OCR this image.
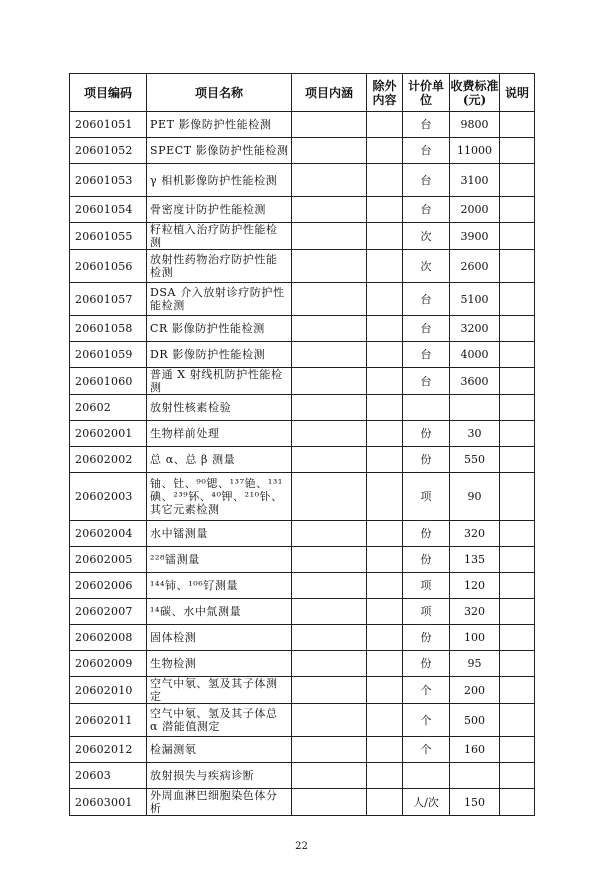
项目编码	项目名称	项目内涵	除外内容	计价单位	收费标准(元)	说明
20601051	PET 影像防护性能检测			台	9800	
20601052	SPECT 影像防护性能检测			台	11000	
20601053	γ 相机影像防护性能检测			台	3100	
20601054	骨密度计防护性能检测			台	2000	
20601055	籽粒植入治疗防护性能检测			次	3900	
20601056	放射性药物治疗防护性能检测			次	2600	
20601057	DSA 介入放射诊疗防护性能检测			台	5100	
20601058	CR 影像防护性能检测			台	3200	
20601059	DR 影像防护性能检测			台	4000	
20601060	普通 X 射线机防护性能检测			台	3600	
20602	放射性核素检验					
20602001	生物样前处理			份	30	
20602002	总 α、总 β 测量			份	550	
20602003	铀、钍、⁹⁰锶、¹³⁷铯、¹³¹碘、²³⁹钚、⁴⁰钾、²¹⁰钋、其它元素检测			项	90	
20602004	水中镭测量			份	320	
20602005	²²⁸镭测量			份	135	
20602006	¹⁴⁴铈、¹⁰⁶钌测量			项	120	
20602007	¹⁴碳、水中氚测量			项	320	
20602008	固体检测			份	100	
20602009	生物检测			份	95	
20602010	空气中氡、氢及其子体测定			个	200	
20602011	空气中氡、氢及其子体总 α 潜能值测定			个	500	
20602012	检漏测氡			个	160	
20603	放射损失与疾病诊断					
20603001	外周血淋巴细胞染色体分析			人/次	150	
22
